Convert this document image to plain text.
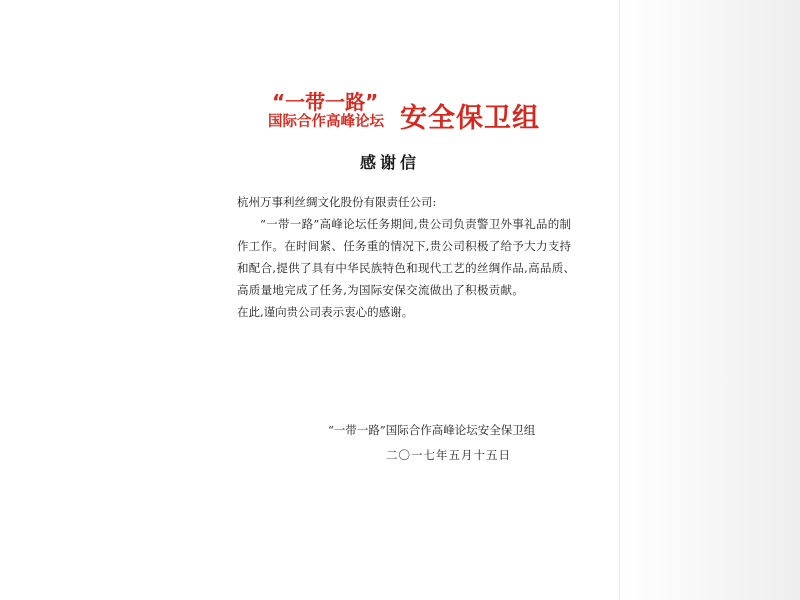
“一带一路”
国际合作高峰论坛 安全保卫组
感谢信

杭州万事利丝绸文化股份有限责任公司:

“一带一路”高峰论坛任务期间,贵公司负责警卫外事礼品的制作工作。在时间紧、任务重的情况下,贵公司积极了给予大力支持和配合,提供了具有中华民族特色和现代工艺的丝绸作品,高品质、高质量地完成了任务,为国际安保交流做出了积极贡献。

在此,谨向贵公司表示衷心的感谢。

“一带一路”国际合作高峰论坛安全保卫组
二〇一七年五月十五日
